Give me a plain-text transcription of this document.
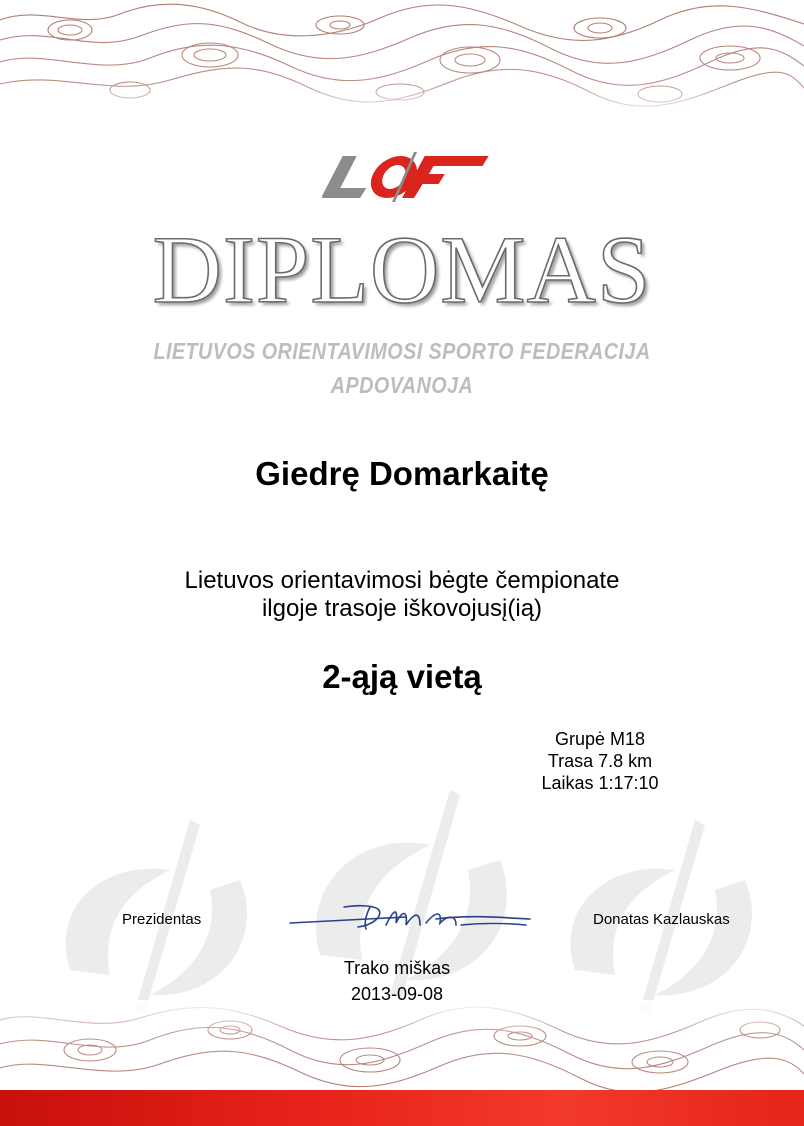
DIPLOMAS
LIETUVOS ORIENTAVIMOSI SPORTO FEDERACIJA
APDOVANOJA
Giedrę Domarkaitę
Lietuvos orientavimosi bėgte čempionate
ilgoje trasoje iškovojusį(ią)
2-ąją vietą
Grupė M18
Trasa 7.8 km
Laikas 1:17:10
Prezidentas	Donatas Kazlauskas
Trako miškas
2013-09-08
